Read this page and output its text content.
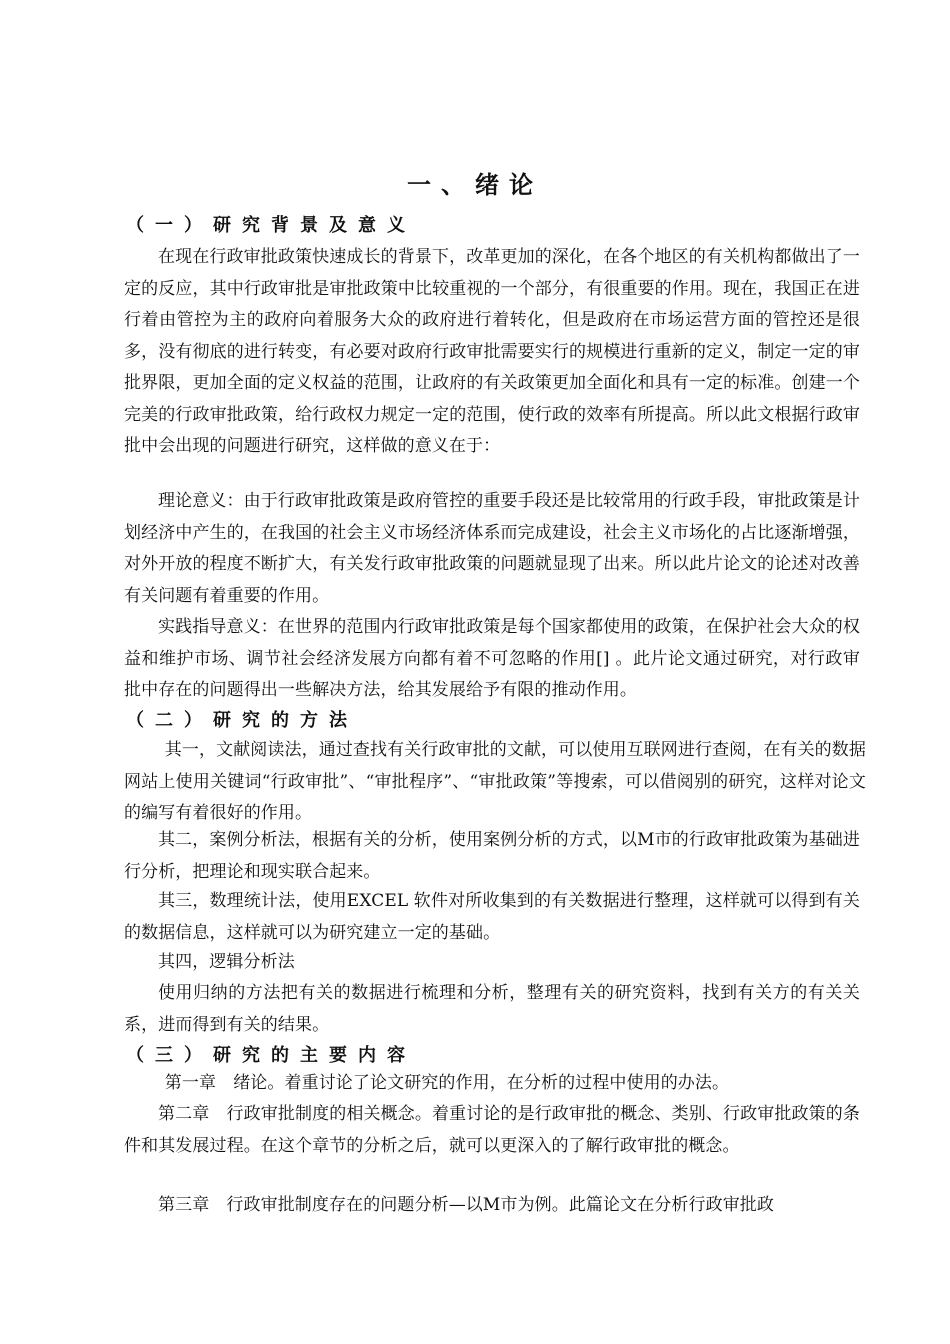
一、绪论
（一）研究背景及意义
在现在行政审批政策快速成长的背景下，改革更加的深化，在各个地区的有关机构都做出了一定的反应，其中行政审批是审批政策中比较重视的一个部分，有很重要的作用。现在，我国正在进行着由管控为主的政府向着服务大众的政府进行着转化，但是政府在市场运营方面的管控还是很多，没有彻底的进行转变，有必要对政府行政审批需要实行的规模进行重新的定义，制定一定的审批界限，更加全面的定义权益的范围，让政府的有关政策更加全面化和具有一定的标准。创建一个完美的行政审批政策，给行政权力规定一定的范围，使行政的效率有所提高。所以此文根据行政审批中会出现的问题进行研究，这样做的意义在于：
理论意义：由于行政审批政策是政府管控的重要手段还是比较常用的行政手段，审批政策是计划经济中产生的，在我国的社会主义市场经济体系而完成建设，社会主义市场化的占比逐渐增强，对外开放的程度不断扩大，有关发行政审批政策的问题就显现了出来。所以此片论文的论述对改善有关问题有着重要的作用。
实践指导意义：在世界的范围内行政审批政策是每个国家都使用的政策，在保护社会大众的权益和维护市场、调节社会经济发展方向都有着不可忽略的作用[] 。此片论文通过研究，对行政审批中存在的问题得出一些解决方法，给其发展给予有限的推动作用。
（二）研究的方法
其一，文献阅读法，通过查找有关行政审批的文献，可以使用互联网进行查阅，在有关的数据网站上使用关键词“行政审批”、“审批程序”、“审批政策”等搜索，可以借阅别的研究，这样对论文的编写有着很好的作用。
其二，案例分析法，根据有关的分析，使用案例分析的方式，以M市的行政审批政策为基础进行分析，把理论和现实联合起来。
其三，数理统计法，使用EXCEL 软件对所收集到的有关数据进行整理，这样就可以得到有关的数据信息，这样就可以为研究建立一定的基础。
其四，逻辑分析法
使用归纳的方法把有关的数据进行梳理和分析，整理有关的研究资料，找到有关方的有关关系，进而得到有关的结果。
（三）研究的主要内容
第一章　绪论。着重讨论了论文研究的作用，在分析的过程中使用的办法。
第二章　行政审批制度的相关概念。着重讨论的是行政审批的概念、类别、行政审批政策的条件和其发展过程。在这个章节的分析之后，就可以更深入的了解行政审批的概念。
第三章　行政审批制度存在的问题分析—以M市为例。此篇论文在分析行政审批政
